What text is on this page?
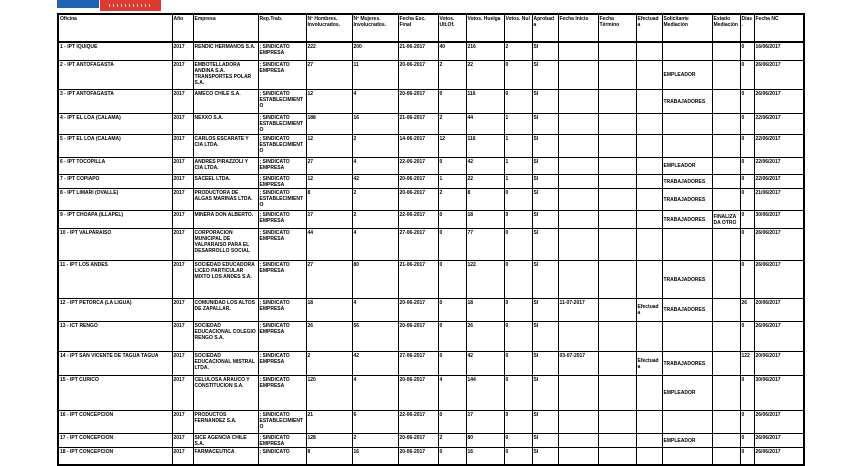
Oficina	Año	Empresa	Rep.Trab.	Nº Hombres. Involucrados.	Nº Mujeres. Involucrados.	Fecha Esc. Final	Votos. Ult.Of.	Votos. Huelga	Votos. Nul	Aprobada	Fecha Inicio	Fecha Término	Efectuada	Solicitante Mediación	Estado Mediación	Días.	Fecha NC
1 - IPT IQUIQUE	2017	RENDIC HERMANOS S.A.	; SINDICATO EMPRESA	222	200	21-06-2017	40	216	2	SI						0	16/06/2017
2 - IPT ANTOFAGASTA	2017	EMBOTELLADORA ANDINA S.A. TRANSPORTES POLAR S.A.	; SINDICATO EMPRESA	27	11	20-06-2017	2	22	0	SI				EMPLEADOR		0	26/06/2017
3 - IPT ANTOFAGASTA	2017	AMECO CHILE S.A.	; SINDICATO ESTABLECIMIENTO	12	4	20-06-2017	0	116	0	SI				TRABAJADORES		0	26/06/2017
4 - IPT EL LOA (CALAMA)	2017	NEXXO S.A.	; SINDICATO ESTABLECIMIENTO	188	16	21-06-2017	2	44	1	SI						0	22/06/2017
5 - IPT EL LOA (CALAMA)	2017	CARLOS ESCARATE Y CIA LTDA.	; SINDICATO ESTABLECIMIENTO	12	2	14-06-2017	12	116	1	SI						0	22/06/2017
6 - IPT TOCOPILLA	2017	ANDRES PIRAZZOLI Y CIA LTDA.	; SINDICATO EMPRESA	27	4	22-06-2017	0	42	1	SI				EMPLEADOR		0	22/06/2017
7 - IPT COPIAPO	2017	SACEEL LTDA.	; SINDICATO EMPRESA	12	42	20-06-2017	1	22	1	SI				TRABAJADORES		0	22/06/2017
8 - IPT LIMARI (OVALLE)	2017	PRODUCTORA DE ALGAS MARINAS LTDA.	; SINDICATO ESTABLECIMIENTO	8	2	20-06-2017	2	8	0	SI				TRABAJADORES		0	21/06/2017
9 - IPT CHOAPA (ILLAPEL)	2017	MINERA DON ALBERTO.	; SINDICATO EMPRESA	17	2	22-06-2017	0	18	0	SI				TRABAJADORES	FINALIZADA OTRO	0	30/06/2017
10 - IPT VALPARAISO	2017	CORPORACION MUNICIPAL DE VALPARAISO PARA EL DESARROLLO SOCIAL	; SINDICATO EMPRESA	44	4	27-06-2017	0	77	0	SI						0	26/06/2017
11 - IPT LOS ANDES	2017	SOCIEDAD EDUCADORA LICEO PARTICULAR MIXTO LOS ANDES S.A.	; SINDICATO EMPRESA	27	80	21-06-2017	0	122	0	SI				TRABAJADORES		0	26/06/2017
12 - IPT PETORCA (LA LIGUA)	2017	COMUNIDAD LOS ALTOS DE ZAPALLAR.	; SINDICATO EMPRESA	18	4	20-06-2017	0	18	0	SI	11-07-2017		Efectuada	TRABAJADORES		26	20/06/2017
13 - ICT RENGO	2017	SOCIEDAD EDUCACIONAL COLEGIO RENGO S.A.	; SINDICATO EMPRESA	26	56	20-06-2017	0	26	0	SI						0	26/06/2017
14 - IPT SAN VICENTE DE TAGUA TAGUA	2017	SOCIEDAD EDUCACIONAL MISTRAL LTDA.	; SINDICATO EMPRESA	2	42	27-06-2017	0	42	0	SI	03-07-2017		Efectuada	TRABAJADORES		122	20/06/2017
15 - IPT CURICO	2017	CELULOSA ARAUCO Y CONSTITUCION S.A.	; SINDICATO EMPRESA	120	4	20-06-2017	4	144	0	SI				EMPLEADOR		0	30/06/2017
16 - IPT CONCEPCION	2017	PRODUCTOS FERNANDEZ S.A.	; SINDICATO ESTABLECIMIENTO	21	6	22-06-2017	0	17	0	SI						0	26/06/2017
17 - IPT CONCEPCION	2017	SICE AGENCIA CHILE S.A.	; SINDICATO EMPRESA	128	2	20-06-2017	2	80	0	SI				EMPLEADOR		0	26/06/2017
18 - IPT CONCEPCION	2017	FARMACEUTICA	; SINDICATO	8	16	20-06-2017	0	16	0	SI						0	26/06/2017
